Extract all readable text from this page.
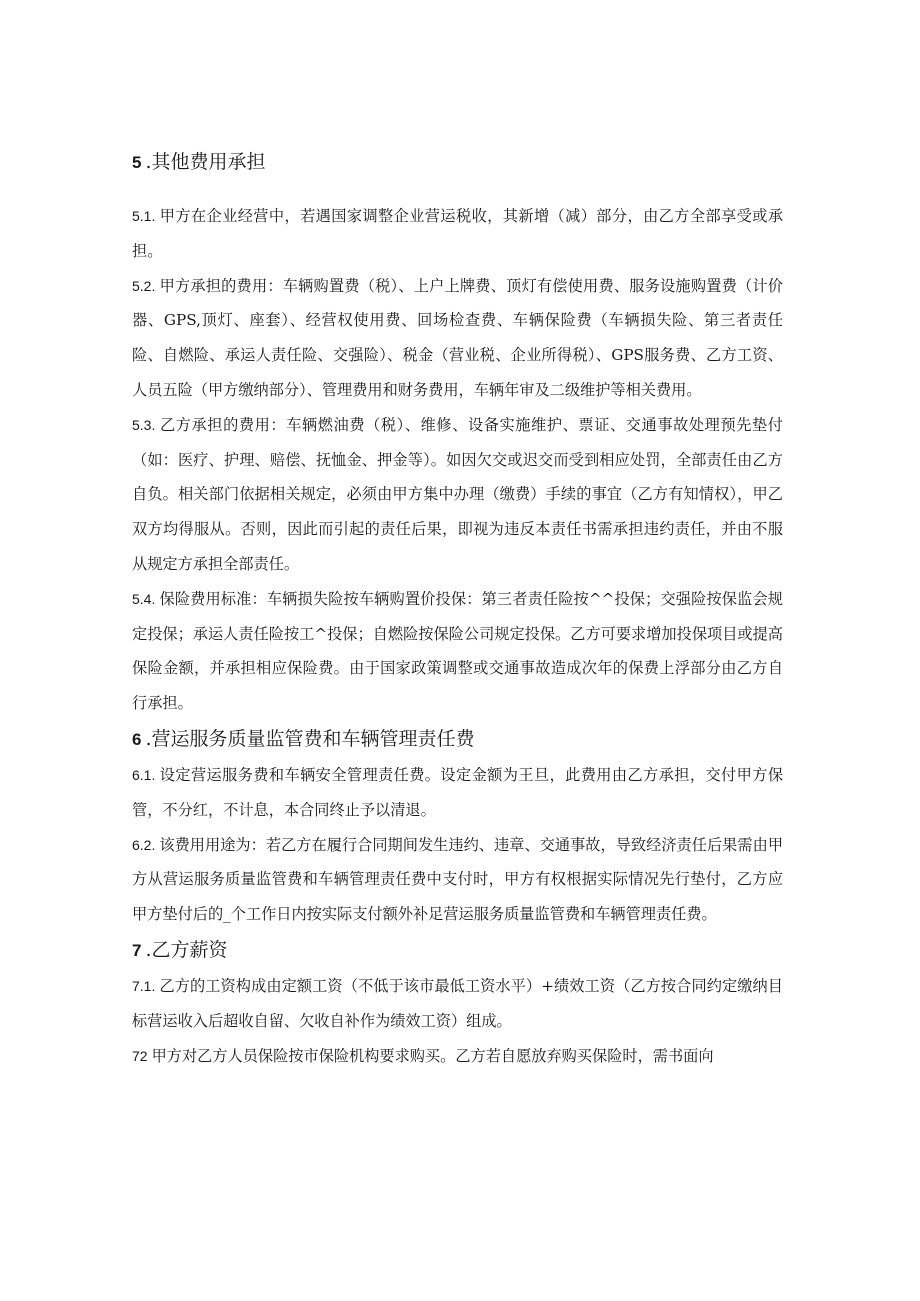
5 .其他费用承担

5.1. 甲方在企业经营中，若遇国家调整企业营运税收，其新增（减）部分，由乙方全部享受或承担。

5.2. 甲方承担的费用：车辆购置费（税）、上户上牌费、顶灯有偿使用费、服务设施购置费（计价器、GPS,顶灯、座套）、经营权使用费、回场检查费、车辆保险费（车辆损失险、第三者责任险、自燃险、承运人责任险、交强险）、税金（营业税、企业所得税）、GPS服务费、乙方工资、人员五险（甲方缴纳部分）、管理费用和财务费用，车辆年审及二级维护等相关费用。

5.3. 乙方承担的费用：车辆燃油费（税）、维修、设备实施维护、票证、交通事故处理预先垫付（如：医疗、护理、赔偿、抚恤金、押金等）。如因欠交或迟交而受到相应处罚，全部责任由乙方自负。相关部门依据相关规定，必须由甲方集中办理（缴费）手续的事宜（乙方有知情权），甲乙双方均得服从。否则，因此而引起的责任后果，即视为违反本责任书需承担违约责任，并由不服从规定方承担全部责任。

5.4. 保险费用标准：车辆损失险按车辆购置价投保：第三者责任险按^^投保；交强险按保监会规定投保；承运人责任险按工^投保；自燃险按保险公司规定投保。乙方可要求增加投保项目或提高保险金额，并承担相应保险费。由于国家政策调整或交通事故造成次年的保费上浮部分由乙方自行承担。

6 .营运服务质量监管费和车辆管理责任费

6.1. 设定营运服务费和车辆安全管理责任费。设定金额为王旦，此费用由乙方承担，交付甲方保管，不分红，不计息，本合同终止予以清退。

6.2. 该费用用途为：若乙方在履行合同期间发生违约、违章、交通事故，导致经济责任后果需由甲方从营运服务质量监管费和车辆管理责任费中支付时，甲方有权根据实际情况先行垫付，乙方应甲方垫付后的_个工作日内按实际支付额外补足营运服务质量监管费和车辆管理责任费。

7 .乙方薪资

7.1. 乙方的工资构成由定额工资（不低于该市最低工资水平）+绩效工资（乙方按合同约定缴纳目标营运收入后超收自留、欠收自补作为绩效工资）组成。

72 甲方对乙方人员保险按市保险机构要求购买。乙方若自愿放弃购买保险时，需书面向
